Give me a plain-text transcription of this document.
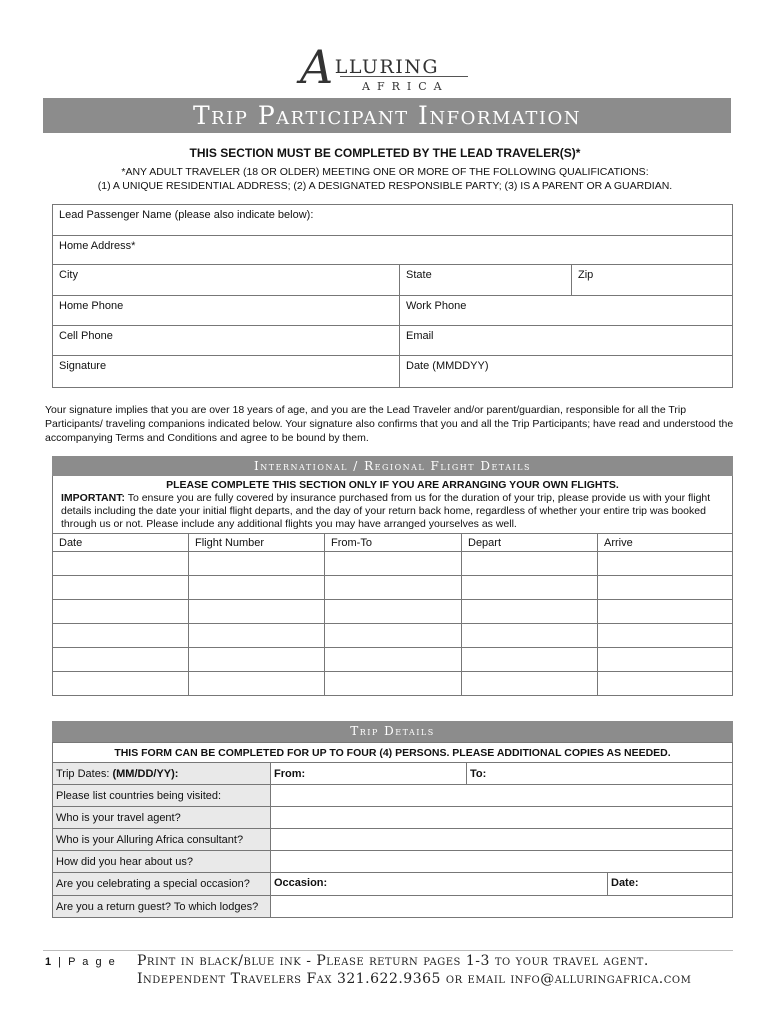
ALLURING
AFRICA
Trip Participant Information
THIS SECTION MUST BE COMPLETED BY THE LEAD TRAVELER(S)*
*ANY ADULT TRAVELER (18 OR OLDER) MEETING ONE OR MORE OF THE FOLLOWING QUALIFICATIONS:
(1) A UNIQUE RESIDENTIAL ADDRESS; (2) A DESIGNATED RESPONSIBLE PARTY; (3) IS A PARENT OR A GUARDIAN.
Lead Passenger Name (please also indicate below):		
Home Address*		
City	State	Zip
Home Phone	Work Phone	
Cell Phone	Email	
Signature	Date (MMDDYY)	
Your signature implies that you are over 18 years of age, and you are the Lead Traveler and/or parent/guardian, responsible for all the Trip Participants/ traveling companions indicated below. Your signature also confirms that you and all the Trip Participants; have read and understood the accompanying Terms and Conditions and agree to be bound by them.
International / Regional Flight Details
PLEASE COMPLETE THIS SECTION ONLY IF YOU ARE ARRANGING YOUR OWN FLIGHTS.
IMPORTANT: To ensure you are fully covered by insurance purchased from us for the duration of your trip, please provide us with your flight details including the date your initial flight departs, and the day of your return back home, regardless of whether your entire trip was booked through us or not. Please include any additional flights you may have arranged yourselves as well.
Date	Flight Number	From-To	Depart	Arrive

Trip Details
THIS FORM CAN BE COMPLETED FOR UP TO FOUR (4) PERSONS. PLEASE ADDITIONAL COPIES AS NEEDED.		
Trip Dates: (MM/DD/YY):	From:	To:
Please list countries being visited:		
Who is your travel agent?		
Who is your Alluring Africa consultant?		
How did you hear about us?		
Are you celebrating a special occasion?	Occasion: Date:	

Are you a return guest? To which lodges?		
1 | P a g e Print in black/blue ink - Please return pages 1-3 to your travel agent.
Independent Travelers Fax 321.622.9365 or email info@alluringafrica.com
